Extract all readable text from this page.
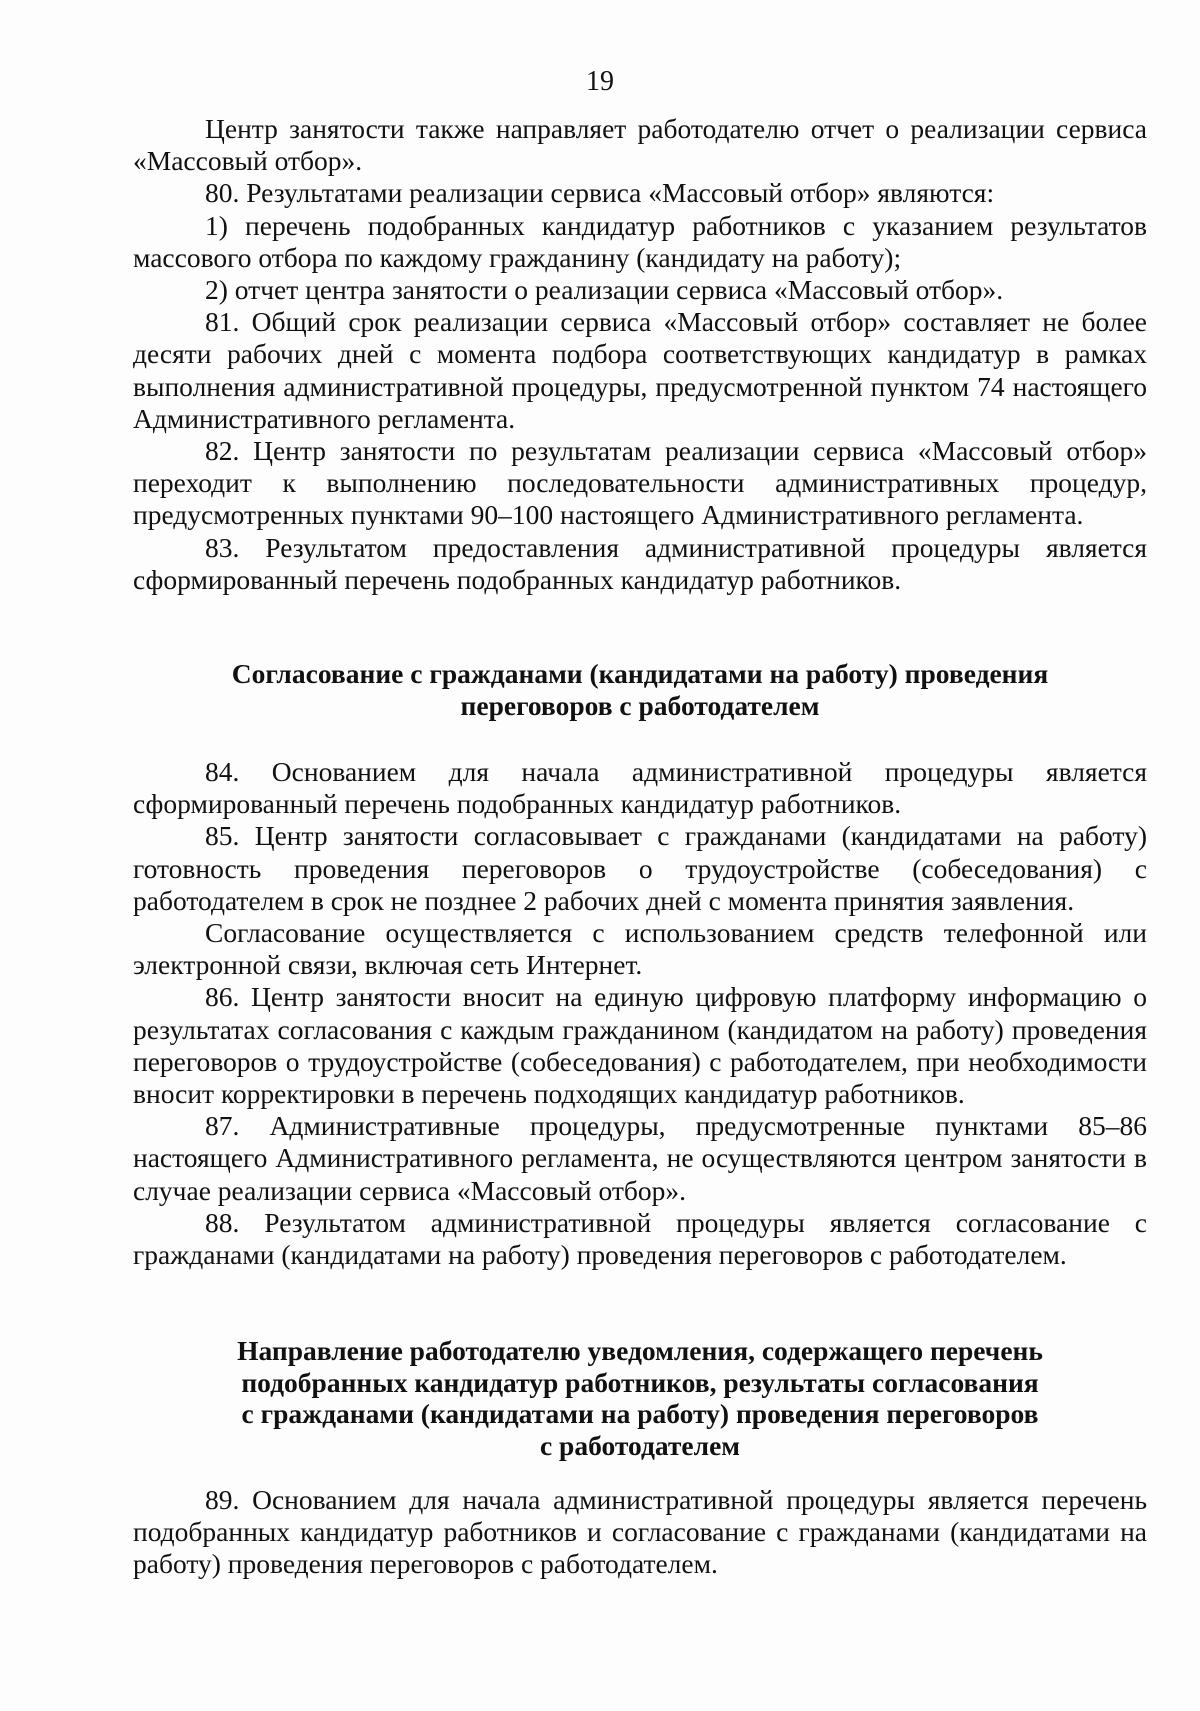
19

Центр занятости также направляет работодателю отчет о реализации сервиса «Массовый отбор».

80. Результатами реализации сервиса «Массовый отбор» являются:

1) перечень подобранных кандидатур работников с указанием результатов массового отбора по каждому гражданину (кандидату на работу);

2) отчет центра занятости о реализации сервиса «Массовый отбор».

81. Общий срок реализации сервиса «Массовый отбор» составляет не более десяти рабочих дней с момента подбора соответствующих кандидатур в рамках выполнения административной процедуры, предусмотренной пунктом 74 настоящего Административного регламента.

82. Центр занятости по результатам реализации сервиса «Массовый отбор» переходит к выполнению последовательности административных процедур, предусмотренных пунктами 90–100 настоящего Административного регламента.

83. Результатом предоставления административной процедуры является сформированный перечень подобранных кандидатур работников.

Согласование с гражданами (кандидатами на работу) проведения

переговоров с работодателем

84. Основанием для начала административной процедуры является сформированный перечень подобранных кандидатур работников.

85. Центр занятости согласовывает с гражданами (кандидатами на работу) готовность проведения переговоров о трудоустройстве (собеседования) с работодателем в срок не позднее 2 рабочих дней с момента принятия заявления.

Согласование осуществляется с использованием средств телефонной или электронной связи, включая сеть Интернет.

86. Центр занятости вносит на единую цифровую платформу информацию о результатах согласования с каждым гражданином (кандидатом на работу) проведения переговоров о трудоустройстве (собеседования) с работодателем, при необходимости вносит корректировки в перечень подходящих кандидатур работников.

87. Административные процедуры, предусмотренные пунктами 85–86 настоящего Административного регламента, не осуществляются центром занятости в случае реализации сервиса «Массовый отбор».

88. Результатом административной процедуры является согласование с гражданами (кандидатами на работу) проведения переговоров с работодателем.

Направление работодателю уведомления, содержащего перечень

подобранных кандидатур работников, результаты согласования

с гражданами (кандидатами на работу) проведения переговоров

с работодателем

89. Основанием для начала административной процедуры является перечень подобранных кандидатур работников и согласование с гражданами (кандидатами на работу) проведения переговоров с работодателем.
